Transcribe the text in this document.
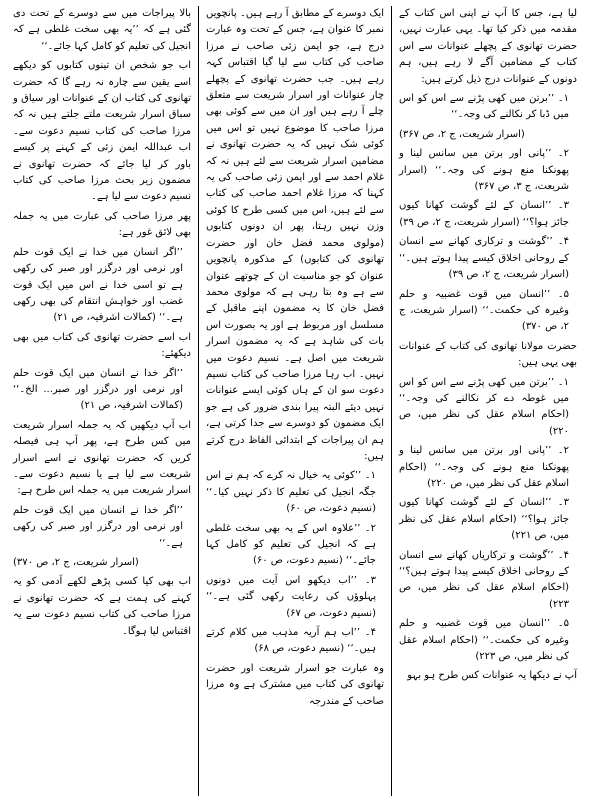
لیا ہے، جس کا آپ نے اپنی اس کتاب کے مقدمہ میں ذکر کیا تھا۔ یہی عبارت نہیں، حضرت تھانوی کے پچھلے عنوانات سے اس کتاب کے مضامین آگے لا رہے ہیں، ہم دونوں کے عنوانات درج ذیل کرتے ہیں:

۱۔ ’’برتن میں کھی پڑنے سے اس کو اس میں ڈبا کر نکالنے کی وجہ۔‘‘

(اسرار شریعت، ج ۲، ص ۳۶۷)

۲۔ ’’پانی اور برتن میں سانس لینا و پھونکنا منع ہونے کی وجہ۔‘‘ (اسرار شریعت، ج ۳، ص ۳۶۷)

۳۔ ’’انسان کے لئے گوشت کھانا کیوں جائز ہوا؟‘‘ (اسرار شریعت، ج ۲، ص ۳۹)

۴۔ ’’گوشت و ترکاری کھانے سے انسان کے روحانی اخلاق کیسے پیدا ہوتے ہیں۔‘‘ (اسرار شریعت، ج ۲، ص ۳۹)

۵۔ ’’انسان میں قوت غضبیہ و حلم وغیرہ کی حکمت۔‘‘ (اسرار شریعت، ج ۲، ص ۳۷۰)

حضرت مولانا تھانوی کی کتاب کے عنوانات بھی یہی ہیں:

۱۔ ’’برتن میں کھی پڑنے سے اس کو اس میں غوطہ دے کر نکالنے کی وجہ۔‘‘ (احکام اسلام عقل کی نظر میں، ص ۲۲۰)

۲۔ ’’پانی اور برتن میں سانس لینا و پھونکنا منع ہونے کی وجہ۔‘‘ (احکام اسلام عقل کی نظر میں، ص ۲۲۰)

۳۔ ’’انسان کے لئے گوشت کھانا کیوں جائز ہوا؟‘‘ (احکام اسلام عقل کی نظر میں، ص ۲۲۱)

۴۔ ’’گوشت و ترکاریاں کھانے سے انسان کے روحانی اخلاق کیسے پیدا ہوتے ہیں؟‘‘ (احکام اسلام عقل کی نظر میں، ص ۲۲۳)

۵۔ ’’انسان میں قوت غضبیہ و حلم وغیرہ کی حکمت۔‘‘ (احکام اسلام عقل کی نظر میں، ص ۲۲۳)

آپ نے دیکھا یہ عنوانات کس طرح ہو بہو

ایک دوسرے کے مطابق آ رہے ہیں۔ پانچویں نمبر کا عنوان ہے، جس کے تحت وہ عبارت درج ہے، جو ایمن زئی صاحب نے مرزا صاحب کی کتاب سے لیا گیا اقتباس کہہ رہے ہیں۔ جب حضرت تھانوی کے پچھلے چار عنوانات اور اسرار شریعت سے متعلق چلے آ رہے ہیں اور ان میں سے کوئی بھی مرزا صاحب کا موضوع نہیں تو اس میں کوئی شک نہیں کہ یہ حضرت تھانوی نے مضامین اسرار شریعت سے لئے ہیں نہ کہ غلام احمد سے اور ایمن زئی صاحب کی یہ کہنا کہ مرزا غلام احمد صاحب کی کتاب سے لئے ہیں، اس میں کسی طرح کا کوئی وزن نہیں رہتا، پھر ان دونوں کتابوں (مولوی محمد فضل خان اور حضرت تھانوی کی کتابوں) کے مذکورہ پانچویں عنوان کو جو مناسبت ان کے چوتھے عنوان سے ہے وہ بتا رہی ہے کہ مولوی محمد فضل خان کا یہ مضمون اپنے ماقبل کے مسلسل اور مربوط ہے اور یہ بصورت اس بات کی شاہد ہے کہ یہ مضمون اسرار شریعت میں اصل ہے۔ نسیم دعوت میں نہیں۔ اب رہا مرزا صاحب کی کتاب نسیم دعوت سو ان کے ہاں کوئی ایسے عنوانات نہیں دیئے البتہ پیرا بندی ضرور کی ہے جو ایک مضمون کو دوسرے سے جدا کرتی ہے، ہم ان پیراجات کے ابتدائی الفاظ درج کرتے ہیں:

۱۔ ’’کوئی یہ خیال نہ کرے کہ ہم نے اس جگہ انجیل کی تعلیم کا ذکر نہیں کیا۔‘‘ (نسیم دعوت، ص ۶۰)

۲۔ ’’علاوہ اس کے یہ بھی سخت غلطی ہے کہ انجیل کی تعلیم کو کامل کہا جائے۔‘‘ (نسیم دعوت، ص ۶۰)

۳۔ ’’اب دیکھو اس آیت میں دونوں پہلوؤں کی رعایت رکھی گئی ہے۔‘‘ (نسیم دعوت، ص ۶۷)

۴۔ ’’اب ہم آریہ مذہب میں کلام کرتے ہیں۔‘‘ (نسیم دعوت، ص ۶۸)

وہ عبارت جو اسرار شریعت اور حضرت تھانوی کی کتاب میں مشترک ہے وہ مرزا صاحب کے مندرجہ

بالا پیراجات میں سے دوسرے کے تحت دی گئی ہے کہ ’’یہ بھی سخت غلطی ہے کہ انجیل کی تعلیم کو کامل کہا جائے۔‘‘

اب جو شخص ان تینوں کتابوں کو دیکھے اسے یقین سے چارہ نہ رہے گا کہ حضرت تھانوی کی کتاب ان کے عنوانات اور سیاق و سباق اسرار شریعت ملتے جلتے ہیں نہ کہ مرزا صاحب کی کتاب نسیم دعوت سے۔ اب عبداللہ ایمن زئی کے کہنے پر کیسے باور کر لیا جائے کہ حضرت تھانوی نے مضمون زیر بحث مرزا صاحب کی کتاب نسیم دعوت سے لیا ہے۔

پھر مرزا صاحب کی عبارت میں یہ جملہ بھی لائق غور ہے:

’’اگر انسان میں خدا نے ایک قوت حلم اور نرمی اور درگزر اور صبر کی رکھی ہے تو اسی خدا نے اس میں ایک قوت غضب اور خواہش انتقام کی بھی رکھی ہے۔‘‘ (کمالات اشرفیہ، ص ۲۱)

اب اسے حضرت تھانوی کی کتاب میں بھی دیکھئے:

’’اگر خدا نے انسان میں ایک قوت حلم اور نرمی اور درگزر اور صبر... الخ۔‘‘ (کمالات اشرفیہ، ص ۲۱)

اب آپ دیکھیں کہ یہ جملہ اسرار شریعت میں کس طرح ہے، پھر آپ ہی فیصلہ کریں کہ حضرت تھانوی نے اسے اسرار شریعت سے لیا ہے یا نسیم دعوت سے۔ اسرار شریعت میں یہ جملہ اس طرح ہے:

’’اگر خدا نے انسان میں ایک قوت حلم اور نرمی اور درگزر اور صبر کی رکھی ہے۔‘‘

(اسرار شریعت، ج ۲، ص ۳۷۰)

اب بھی کیا کسی پڑھے لکھے آدمی کو یہ کہنے کی ہمت ہے کہ حضرت تھانوی نے مرزا صاحب کی کتاب نسیم دعوت سے یہ اقتباس لیا ہوگا۔
